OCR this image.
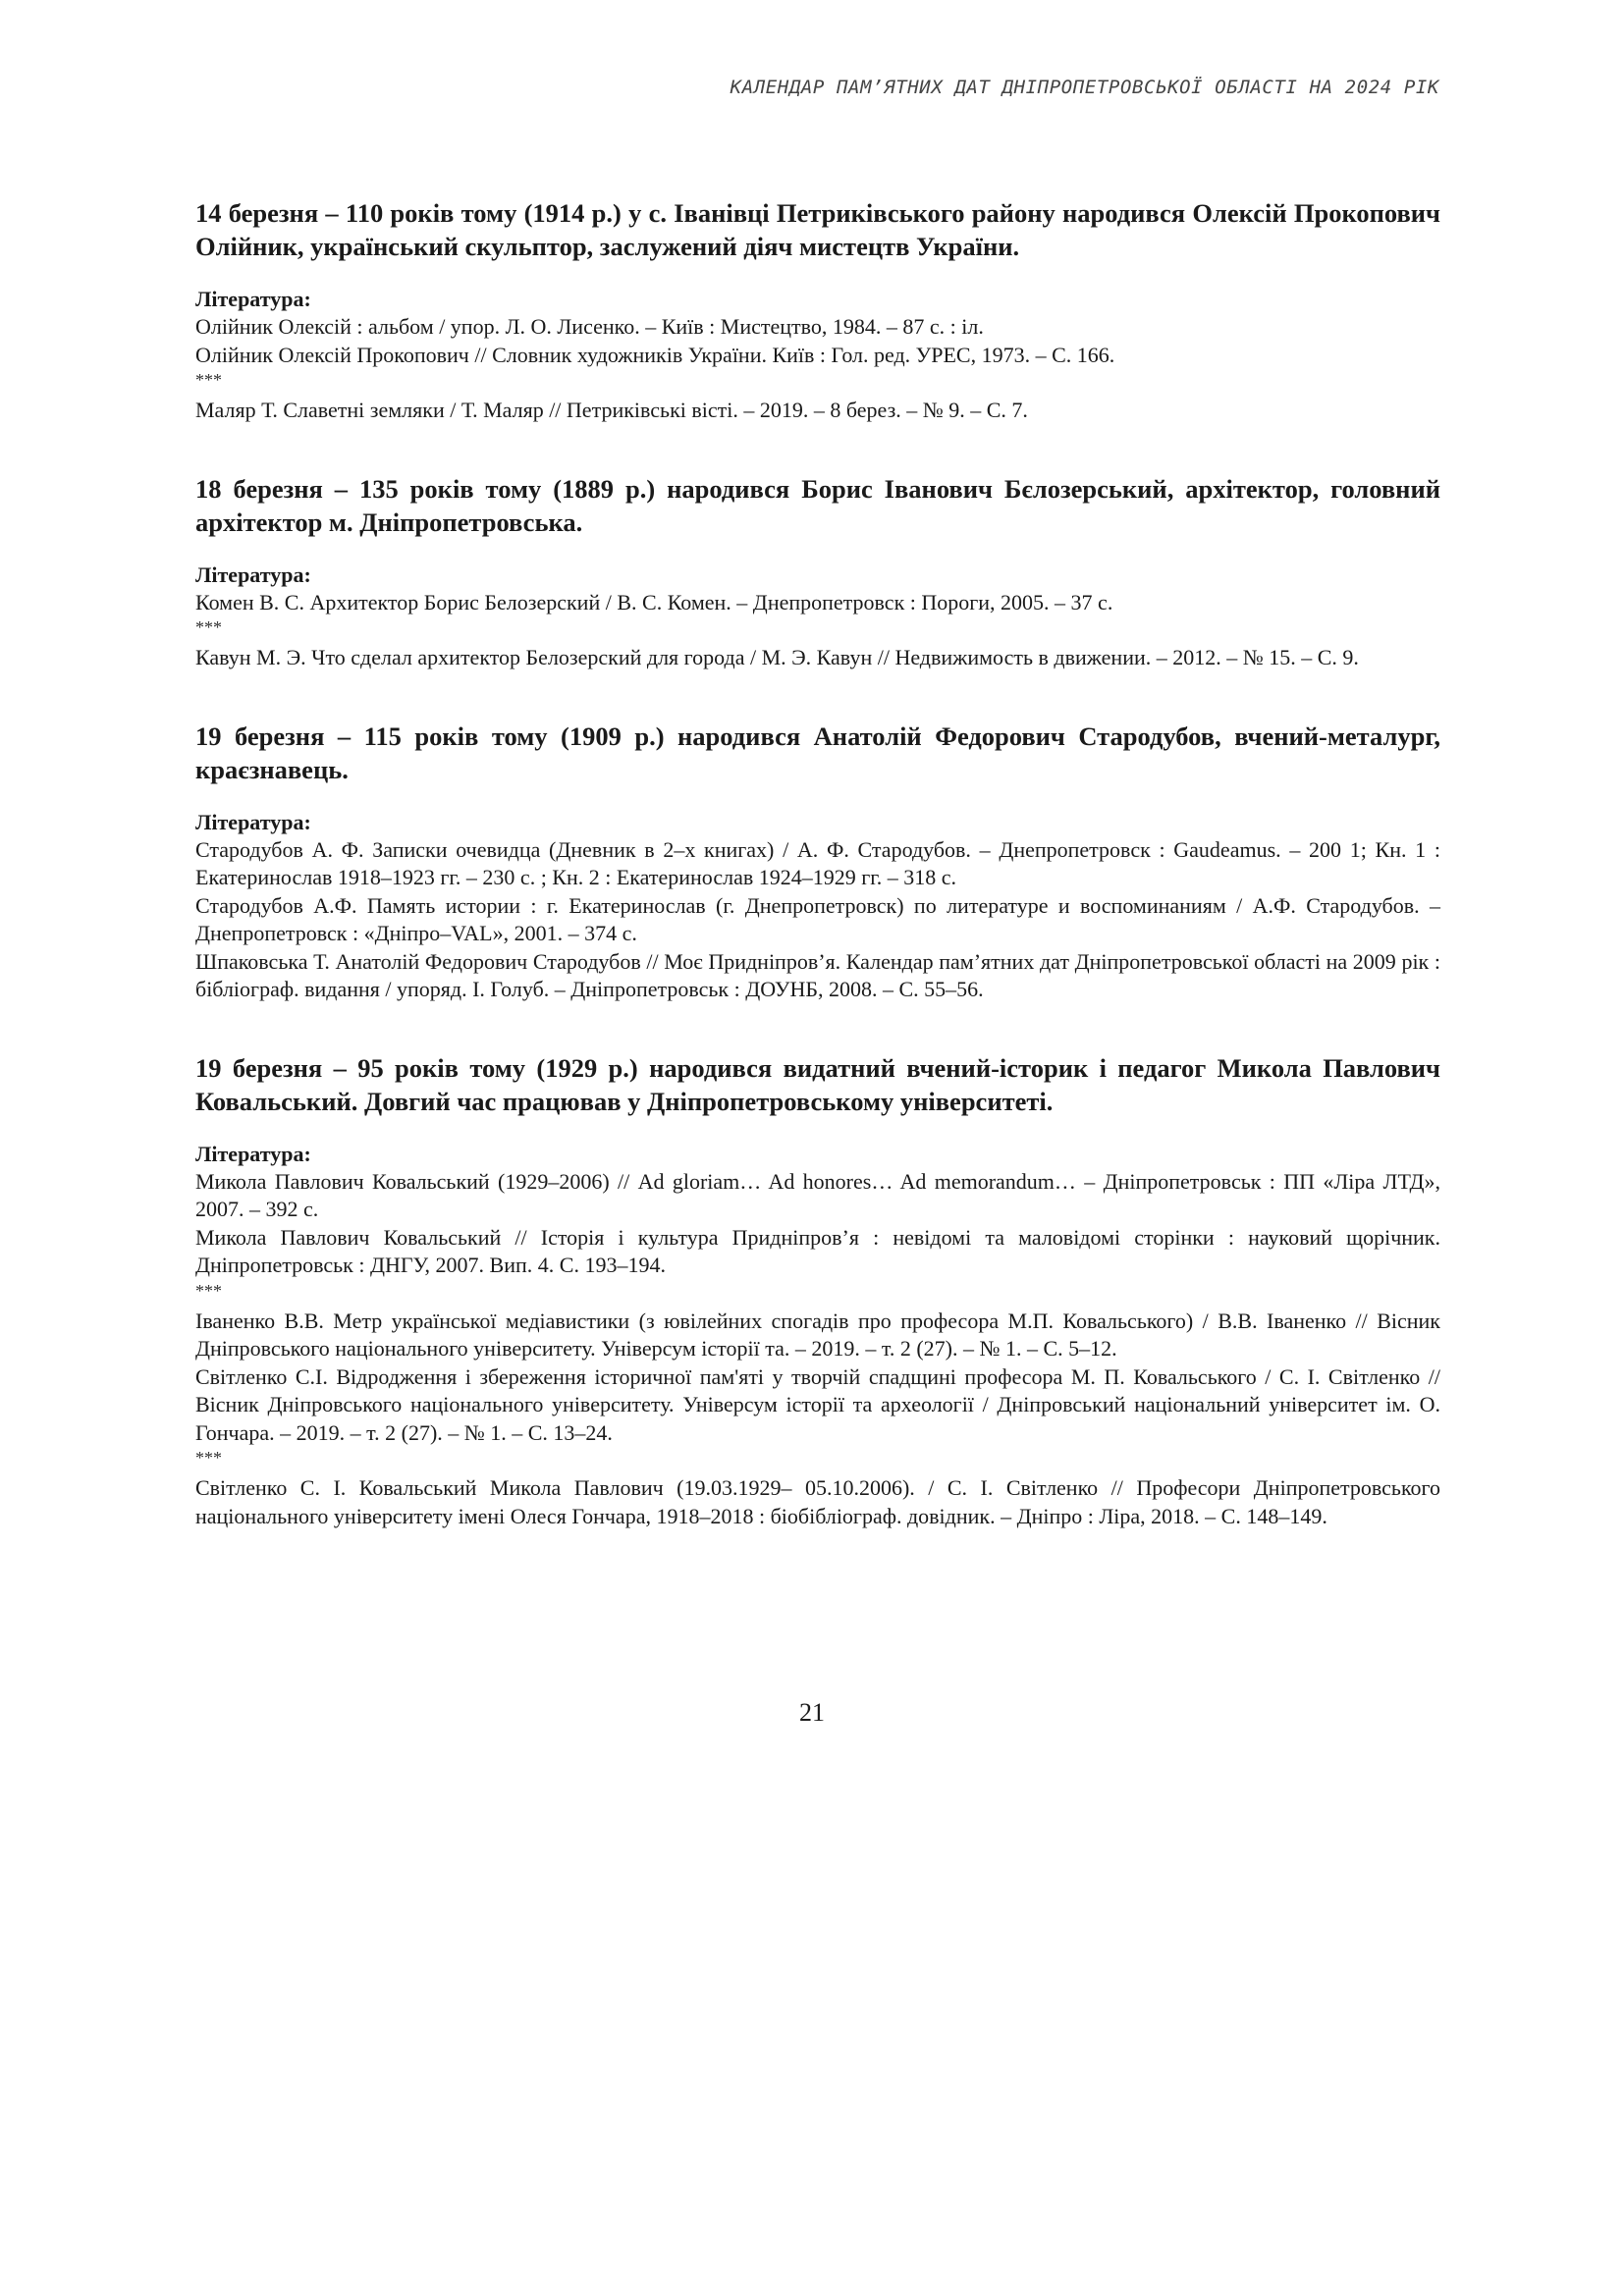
КАЛЕНДАР ПАМ’ЯТНИХ ДАТ ДНІПРОПЕТРОВСЬКОЇ ОБЛАСТІ НА 2024 РІК

14 березня – 110 років тому (1914 р.) у с. Іванівці Петриківського району народився Олексій Прокопович Олійник, український скульптор, заслужений діяч мистецтв України.

Література:

Олійник Олексій : альбом / упор. Л. О. Лисенко. – Київ : Мистецтво, 1984. – 87 с. : іл.

Олійник Олексій Прокопович // Словник художників України. Київ : Гол. ред. УРЕС, 1973. – С. 166.

***

Маляр Т. Славетні земляки / Т. Маляр // Петриківські вісті. – 2019. – 8 берез. – № 9. – С. 7.

18 березня – 135 років тому (1889 р.) народився Борис Іванович Бєлозерський, архітектор, головний архітектор м. Дніпропетровська.

Література:

Комен В. С. Архитектор Борис Белозерский / В. С. Комен. – Днепропетровск : Пороги, 2005. – 37 с.

***

Кавун М. Э. Что сделал архитектор Белозерский для города / М. Э. Кавун // Недвижимость в движении. – 2012. – № 15. – С. 9.

19 березня – 115 років тому (1909 р.) народився Анатолій Федорович Стародубов, вчений-металург, краєзнавець.

Література:

Стародубов А. Ф. Записки очевидца (Дневник в 2–х книгах) / А. Ф. Стародубов. – Днепропетровск : Gaudeamus. – 200 1; Кн. 1 : Екатеринослав 1918–1923 гг. – 230 с. ; Кн. 2 : Екатеринослав 1924–1929 гг. – 318 с.

Стародубов А.Ф. Память истории : г. Екатеринослав (г. Днепропетровск) по литературе и воспоминаниям / А.Ф. Стародубов. – Днепропетровск : «Дніпро–VAL», 2001. – 374 с.

Шпаковська Т. Анатолій Федорович Стародубов // Моє Придніпров’я. Календар пам’ятних дат Дніпропетровської області на 2009 рік : бібліограф. видання / упоряд. І. Голуб. – Дніпропетровськ : ДОУНБ, 2008. – С. 55–56.

19 березня – 95 років тому (1929 р.) народився видатний вчений-історик і педагог Микола Павлович Ковальський. Довгий час працював у Дніпропетровському університеті.

Література:

Микола Павлович Ковальський (1929–2006) // Ad gloriam… Ad honores… Ad memorandum… – Дніпропетровськ : ПП «Ліра ЛТД», 2007. – 392 с.

Микола Павлович Ковальський // Історія і культура Придніпров’я : невідомі та маловідомі сторінки : науковий щорічник. Дніпропетровськ : ДНГУ, 2007. Вип. 4. С. 193–194.

***

Іваненко В.В. Метр української медіавистики (з ювілейних спогадів про професора М.П. Ковальського) / В.В. Іваненко // Вісник Дніпровського національного університету. Універсум історії та. – 2019. – т. 2 (27). – № 1. – С. 5–12.

Світленко С.І. Відродження і збереження історичної пам'яті у творчій спадщині професора М. П. Ковальського / С. І. Світленко // Вісник Дніпровського національного університету. Універсум історії та археології / Дніпровський національний університет ім. О. Гончара. – 2019. – т. 2 (27). – № 1. – С. 13–24.

***

Світленко С. І. Ковальський Микола Павлович (19.03.1929– 05.10.2006). / С. І. Світленко // Професори Дніпропетровського національного університету імені Олеся Гончара, 1918–2018 : біобібліограф. довідник. – Дніпро : Ліра, 2018. – С. 148–149.

21
